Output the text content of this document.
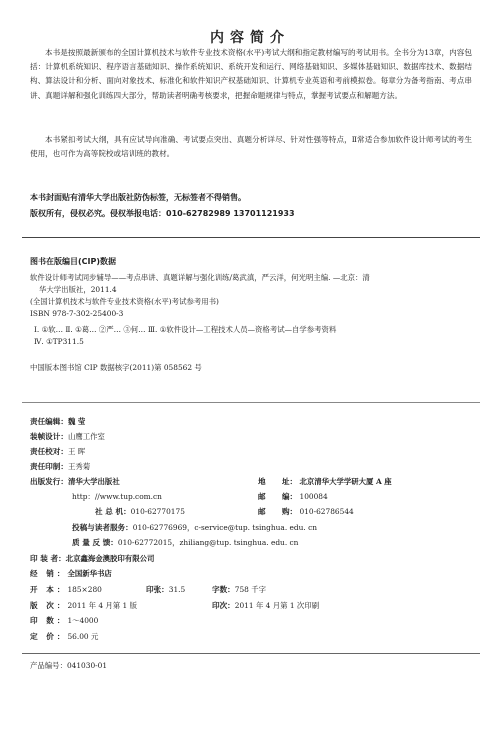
内容简介
本书是按照最新颁布的全国计算机技术与软件专业技术资格(水平)考试大纲和指定教材编写的考试用书。全书分为13章，内容包括：计算机系统知识、程序语言基础知识、操作系统知识、系统开发和运行、网络基础知识、多媒体基础知识、数据库技术、数据结构、算法设计和分析、面向对象技术、标准化和软件知识产权基础知识、计算机专业英语和考前模拟卷。每章分为备考指南、考点串讲、真题详解和强化训练四大部分，帮助读者明确考核要求，把握命题规律与特点，掌握考试要点和解题方法。
本书紧扣考试大纲，具有应试导向准确、考试要点突出、真题分析详尽、针对性强等特点，Ⅱ常适合参加软件设计师考试的考生使用，也可作为高等院校或培训班的教材。
本书封面贴有清华大学出版社防伪标签，无标签者不得销售。
版权所有，侵权必究。侵权举报电话：010-62782989 13701121933
图书在版编目(CIP)数据
软件设计师考试同步辅导——考点串讲、真题详解与强化训练/葛武滇，严云洋，何光明主编. —北京：清
华大学出版社，2011.4
(全国计算机技术与软件专业技术资格(水平)考试参考用书)
ISBN 978-7-302-25400-3
Ⅰ. ①软… Ⅱ. ①葛… ②严… ③何… Ⅲ. ①软件设计—工程技术人员—资格考试—自学参考资料
Ⅳ. ①TP311.5
中国版本图书馆 CIP 数据核字(2011)第 058562 号
责任编辑：魏 莹
装帧设计：山鹰工作室
责任校对：王 晖
责任印制：王秀菊
出版发行：清华大学出版社	地 址： 北京清华大学学研大厦 A 座
http：//www.tup.com.cn	邮 编： 100084
社 总 机：010-62770175	邮 购： 010-62786544
投稿与读者服务：010-62776969，c-service@tup. tsinghua. edu. cn
质 量 反 馈：010-62772015，zhiliang@tup. tsinghua. edu. cn
印 装 者：北京鑫海金澳胶印有限公司
经 销：全国新华书店
开 本：185×280	印张：31.5	字数：758 千字
版 次：2011 年 4 月第 1 版	印次：2011 年 4 月第 1 次印刷
印 数：1～4000
定 价：56.00 元
产品编号：041030-01
